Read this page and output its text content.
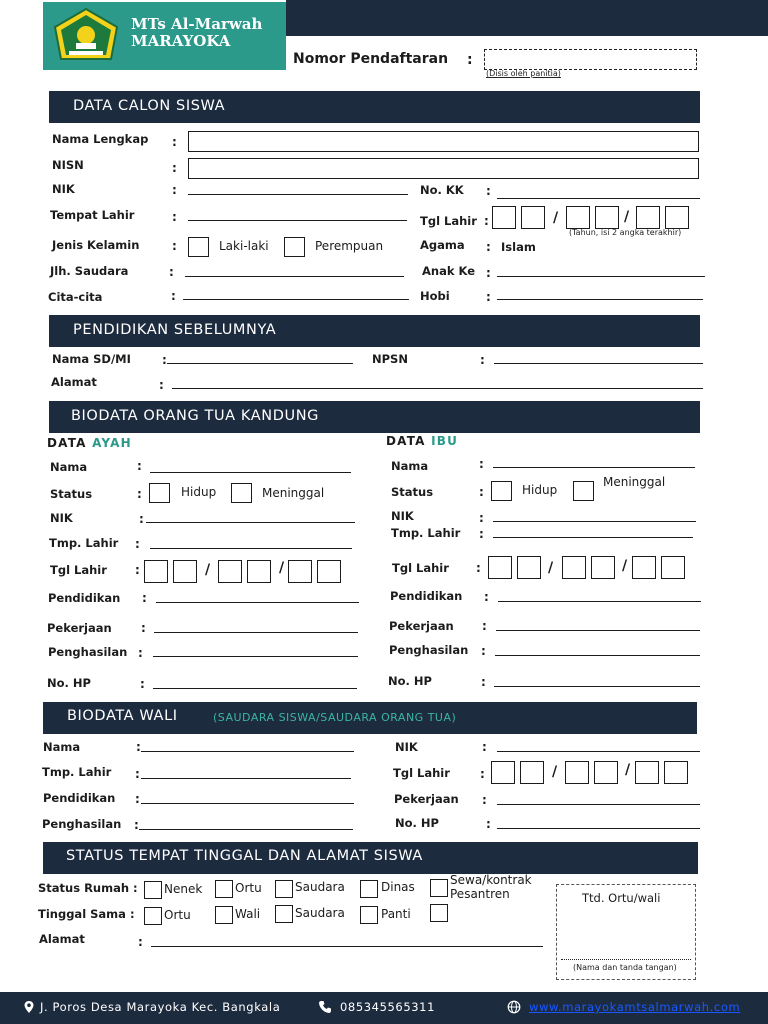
MTs Al-Marwah
MARAYOKA
Nomor Pendaftaran :
(Disis oleh panitia)
DATA CALON SISWA
Nama Lengkap :
NISN	:
NIK	:	No. KK :
Tempat Lahir	:	Tgl Lahir :	/	/
(Tahun, isi 2 angka terakhir)
Jenis Kelamin	:	Laki-laki	Perempuan	Agama : Islam
Jlh. Saudara	:	Anak Ke :
Cita-cita	:	Hobi	:
PENDIDIKAN SEBELUMNYA
Nama SD/MI	:	NPSN	:
Alamat	:
BIODATA ORANG TUA KANDUNG
DATA AYAH	DATA IBU
Nama	:
Status	:	Hidup	Meninggal
NIK	:
Tmp. Lahir :
Tgl Lahir :	/	/
Pendidikan :
Pekerjaan :
Penghasilan :
No. HP	:
Nama	:
Status	:	Hidup
Meninggal
NIK	:
Tmp. Lahir :
Tgl Lahir :	/	/
Pendidikan :
Pekerjaan :
Penghasilan :
No. HP	:
BIODATA WALI	(SAUDARA SISWA/SAUDARA ORANG TUA)
Nama	:	NIK	:
Tmp. Lahir :	Tgl Lahir	:	/	/
Pendidikan :	Pekerjaan :
Penghasilan :	No. HP	:
STATUS TEMPAT TINGGAL DAN ALAMAT SISWA
Status Rumah : Nenek	Ortu	Saudara	Dinas	Sewa/kontrak
Pesantren
Tinggal Sama : Ortu	Wali	Saudara	Panti
Alamat	:
Ttd. Ortu/wali
(Nama dan tanda tangan)
J. Poros Desa Marayoka Kec. Bangkala	085345565311	www.marayokamtsalmarwah.com
